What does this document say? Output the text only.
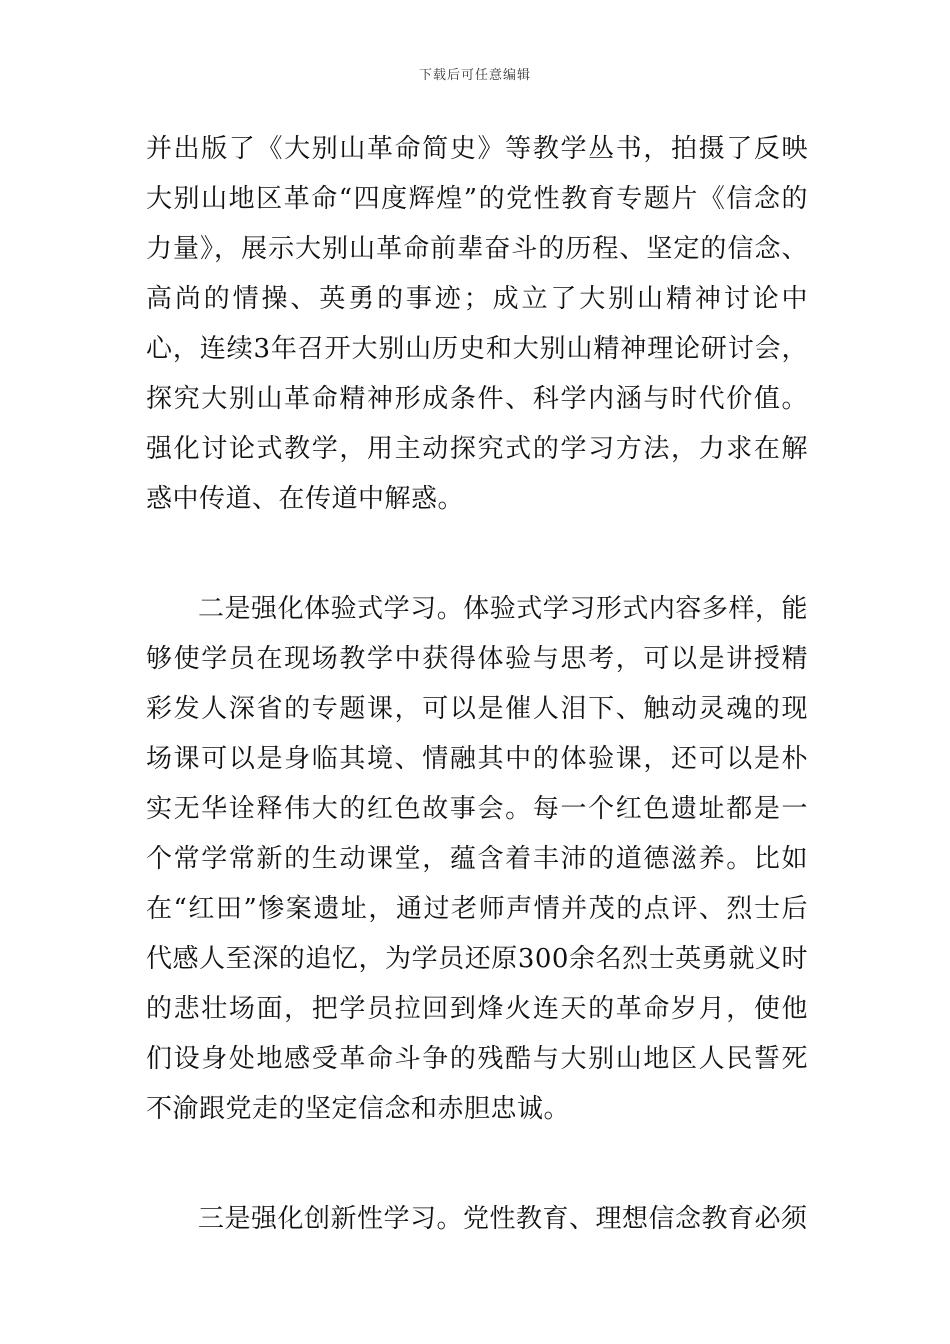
下载后可任意编辑

并出版了《大别山革命简史》等教学丛书，拍摄了反映大别山地区革命“四度辉煌”的党性教育专题片《信念的力量》，展示大别山革命前辈奋斗的历程、坚定的信念、高尚的情操、英勇的事迹；成立了大别山精神讨论中心，连续3年召开大别山历史和大别山精神理论研讨会，探究大别山革命精神形成条件、科学内涵与时代价值。强化讨论式教学，用主动探究式的学习方法，力求在解惑中传道、在传道中解惑。

二是强化体验式学习。体验式学习形式内容多样，能够使学员在现场教学中获得体验与思考，可以是讲授精彩发人深省的专题课，可以是催人泪下、触动灵魂的现场课可以是身临其境、情融其中的体验课，还可以是朴实无华诠释伟大的红色故事会。每一个红色遗址都是一个常学常新的生动课堂，蕴含着丰沛的道德滋养。比如在“红田”惨案遗址，通过老师声情并茂的点评、烈士后代感人至深的追忆，为学员还原300余名烈士英勇就义时的悲壮场面，把学员拉回到烽火连天的革命岁月，使他们设身处地感受革命斗争的残酷与大别山地区人民誓死不渝跟党走的坚定信念和赤胆忠诚。

三是强化创新性学习。党性教育、理想信念教育必须
